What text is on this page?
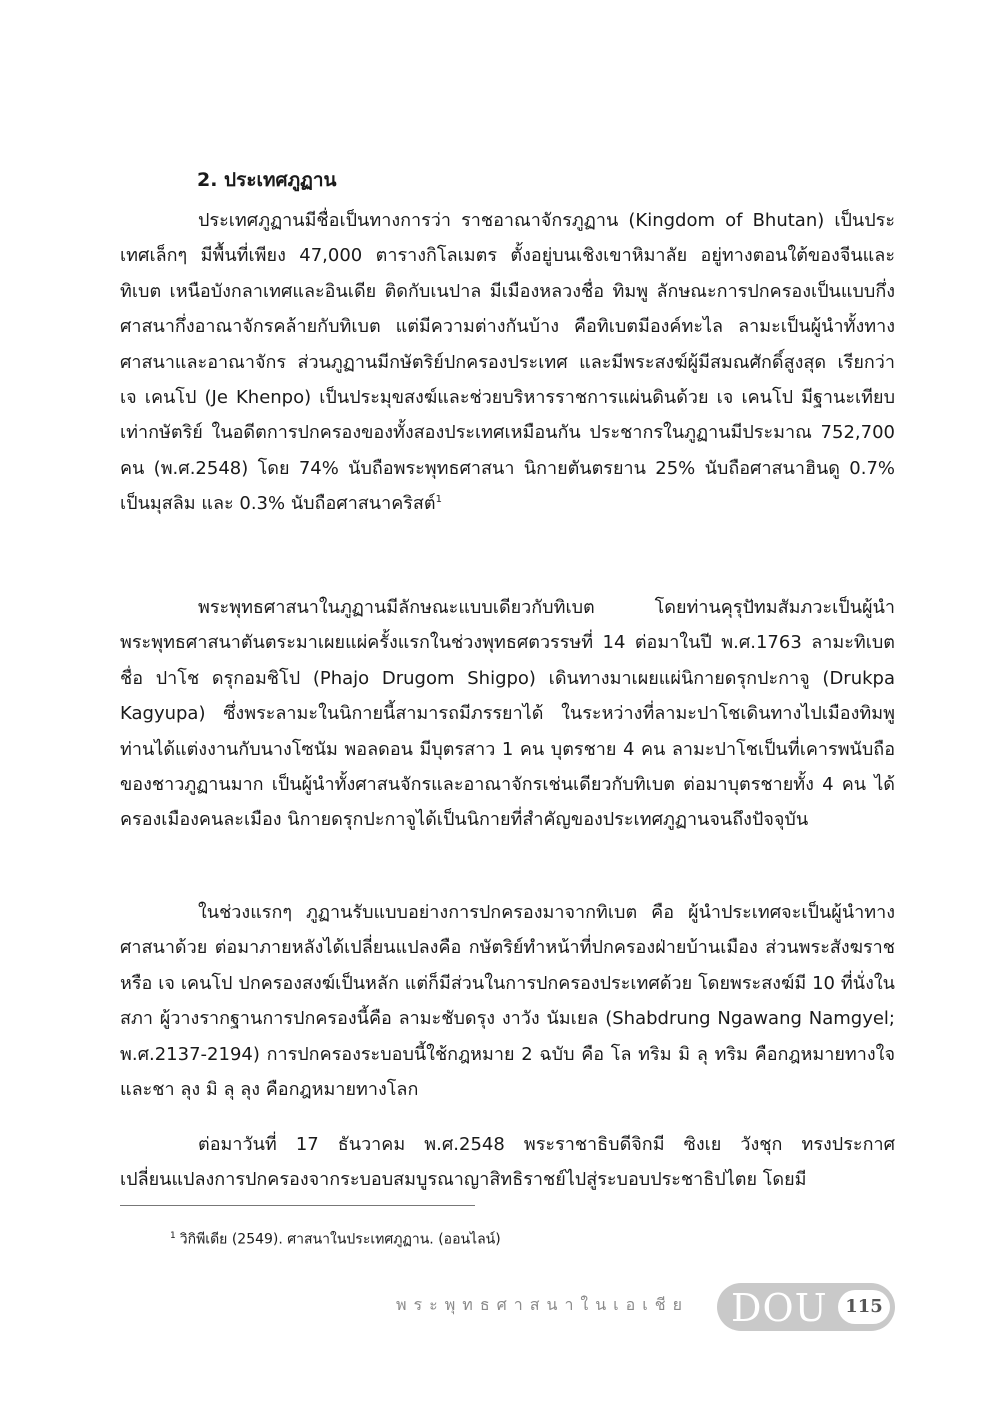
2. ประเทศภูฏาน

ประเทศภูฏานมีชื่อเป็นทางการว่า ราชอาณาจักรภูฏาน (Kingdom of Bhutan) เป็นประเทศเล็กๆ มีพื้นที่เพียง 47,000 ตารางกิโลเมตร ตั้งอยู่บนเชิงเขาหิมาลัย อยู่ทางตอนใต้ของจีนและทิเบต เหนือบังกลาเทศและอินเดีย ติดกับเนปาล มีเมืองหลวงชื่อ ทิมพู ลักษณะการปกครองเป็นแบบกึ่งศาสนากึ่งอาณาจักรคล้ายกับทิเบต แต่มีความต่างกันบ้าง คือทิเบตมีองค์ทะไล ลามะเป็นผู้นำทั้งทางศาสนาและอาณาจักร ส่วนภูฏานมีกษัตริย์ปกครองประเทศ และมีพระสงฆ์ผู้มีสมณศักดิ์สูงสุด เรียกว่า เจ เคนโป (Je Khenpo) เป็นประมุขสงฆ์และช่วยบริหารราชการแผ่นดินด้วย เจ เคนโป มีฐานะเทียบเท่ากษัตริย์ ในอดีตการปกครองของทั้งสองประเทศเหมือนกัน ประชากรในภูฏานมีประมาณ 752,700 คน (พ.ศ.2548) โดย 74% นับถือพระพุทธศาสนา นิกายตันตรยาน 25% นับถือศาสนาฮินดู 0.7% เป็นมุสลิม และ 0.3% นับถือศาสนาคริสต์$^1$

พระพุทธศาสนาในภูฏานมีลักษณะแบบเดียวกับทิเบต โดยท่านคุรุปัทมสัมภวะเป็นผู้นำพระพุทธศาสนาตันตระมาเผยแผ่ครั้งแรกในช่วงพุทธศตวรรษที่ 14 ต่อมาในปี พ.ศ.1763 ลามะทิเบตชื่อ ปาโช ดรุกอมชิโป (Phajo Drugom Shigpo) เดินทางมาเผยแผ่นิกายดรุกปะกาจู (Drukpa Kagyupa) ซึ่งพระลามะในนิกายนี้สามารถมีภรรยาได้ ในระหว่างที่ลามะปาโชเดินทางไปเมืองทิมพู ท่านได้แต่งงานกับนางโซนัม พอลดอน มีบุตรสาว 1 คน บุตรชาย 4 คน ลามะปาโชเป็นที่เคารพนับถือของชาวภูฏานมาก เป็นผู้นำทั้งศาสนจักรและอาณาจักรเช่นเดียวกับทิเบต ต่อมาบุตรชายทั้ง 4 คน ได้ครองเมืองคนละเมือง นิกายดรุกปะกาจูได้เป็นนิกายที่สำคัญของประเทศภูฏานจนถึงปัจจุบัน

ในช่วงแรกๆ ภูฏานรับแบบอย่างการปกครองมาจากทิเบต คือ ผู้นำประเทศจะเป็นผู้นำทางศาสนาด้วย ต่อมาภายหลังได้เปลี่ยนแปลงคือ กษัตริย์ทำหน้าที่ปกครองฝ่ายบ้านเมือง ส่วนพระสังฆราชหรือ เจ เคนโป ปกครองสงฆ์เป็นหลัก แต่ก็มีส่วนในการปกครองประเทศด้วย โดยพระสงฆ์มี 10 ที่นั่งในสภา ผู้วางรากฐานการปกครองนี้คือ ลามะชับดรุง งาวัง นัมเยล (Shabdrung Ngawang Namgyel; พ.ศ.2137-2194) การปกครองระบอบนี้ใช้กฎหมาย 2 ฉบับ คือ โล ทริม มิ ลุ ทริม คือกฎหมายทางใจ และชา ลุง มิ ลุ ลุง คือกฎหมายทางโลก

ต่อมาวันที่ 17 ธันวาคม พ.ศ.2548 พระราชาธิบดีจิกมี ซิงเย วังชุก ทรงประกาศเปลี่ยนแปลงการปกครองจากระบอบสมบูรณาญาสิทธิราชย์ไปสู่ระบอบประชาธิปไตย โดยมี

$^1$ วิกิพีเดีย (2549). ศาสนาในประเทศภูฏาน. (ออนไลน์)

พระพุทธศาสนาในเอเชีย DOU 115
